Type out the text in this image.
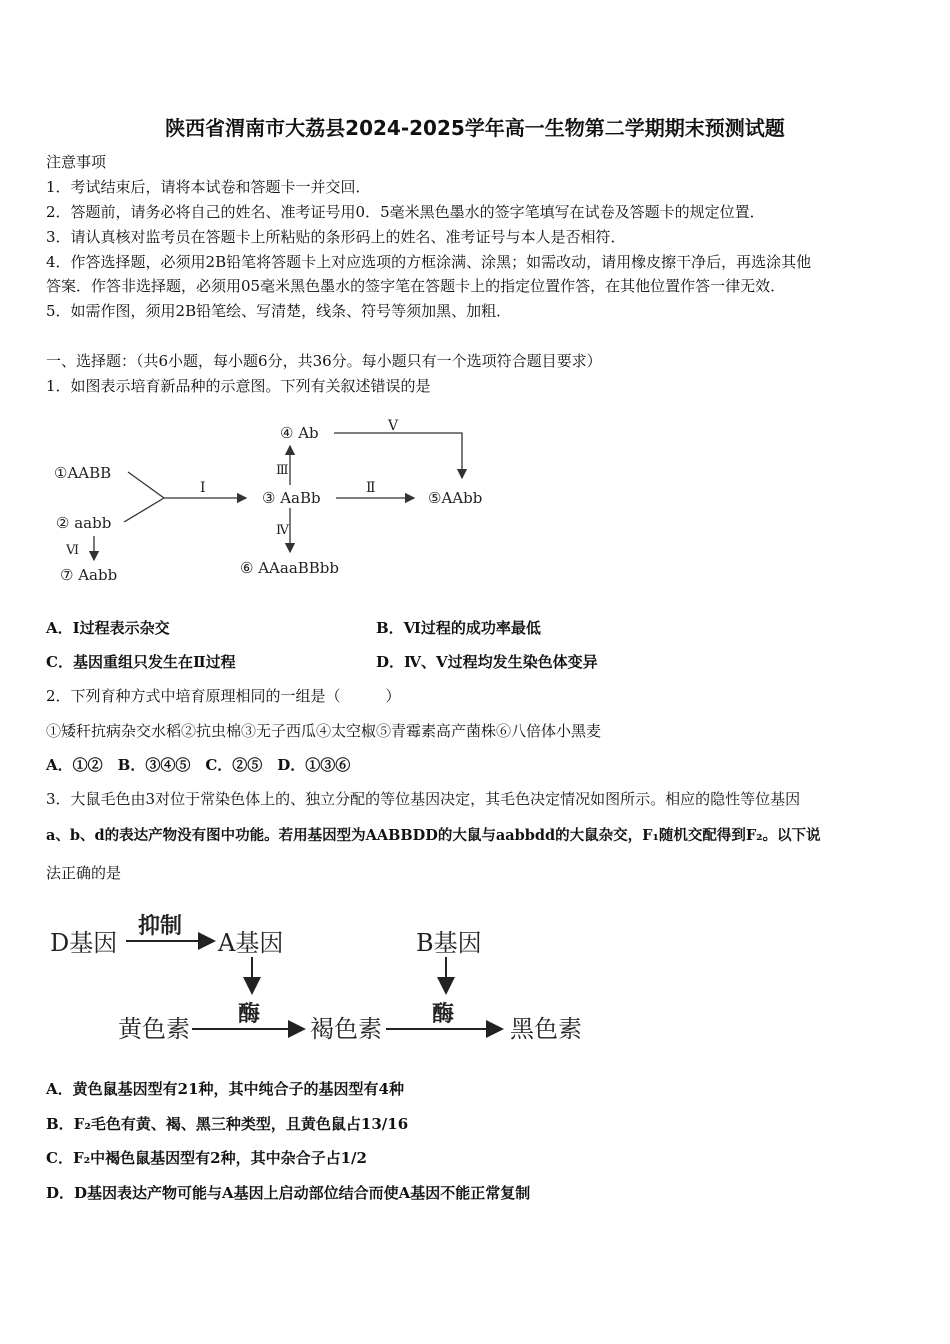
陕西省渭南市大荔县2024-2025学年高一生物第二学期期末预测试题
注意事项
1．考试结束后，请将本试卷和答题卡一并交回．
2．答题前，请务必将自己的姓名、准考证号用0．5毫米黑色墨水的签字笔填写在试卷及答题卡的规定位置．
3．请认真核对监考员在答题卡上所粘贴的条形码上的姓名、准考证号与本人是否相符．
4．作答选择题，必须用2B铅笔将答题卡上对应选项的方框涂满、涂黑；如需改动，请用橡皮擦干净后，再选涂其他
答案．作答非选择题，必须用05毫米黑色墨水的签字笔在答题卡上的指定位置作答，在其他位置作答一律无效．
5．如需作图，须用2B铅笔绘、写清楚，线条、符号等须加黑、加粗．
一、选择题：（共6小题，每小题6分，共36分。每小题只有一个选项符合题目要求）
1．如图表示培育新品种的示意图。下列有关叙述错误的是
①AABB
② aabb
⑦ Aabb
③ AaBb
④ Ab
⑤AAbb
⑥ AAaaBBbb
Ⅰ	Ⅱ
Ⅲ
Ⅳ
Ⅴ
Ⅵ
A．Ⅰ过程表示杂交	B．Ⅵ过程的成功率最低
C．基因重组只发生在Ⅱ过程	D．Ⅳ、Ⅴ过程均发生染色体变异
2．下列育种方式中培育原理相同的一组是（　　　）
①矮秆抗病杂交水稻②抗虫棉③无子西瓜④太空椒⑤青霉素高产菌株⑥八倍体小黑麦
A．①②　B．③④⑤　C．②⑤　D．①③⑥
3．大鼠毛色由3对位于常染色体上的、独立分配的等位基因决定，其毛色决定情况如图所示。相应的隐性等位基因
a、b、d的表达产物没有图中功能。若用基因型为AABBDD的大鼠与aabbdd的大鼠杂交，F₁随机交配得到F₂。以下说
法正确的是
D基因
抑制
A基因	B基因
酶	酶
黄色素	褐色素	黑色素
A．黄色鼠基因型有21种，其中纯合子的基因型有4种
B．F₂毛色有黄、褐、黑三种类型，且黄色鼠占13/16
C．F₂中褐色鼠基因型有2种，其中杂合子占1/2
D．D基因表达产物可能与A基因上启动部位结合而使A基因不能正常复制
